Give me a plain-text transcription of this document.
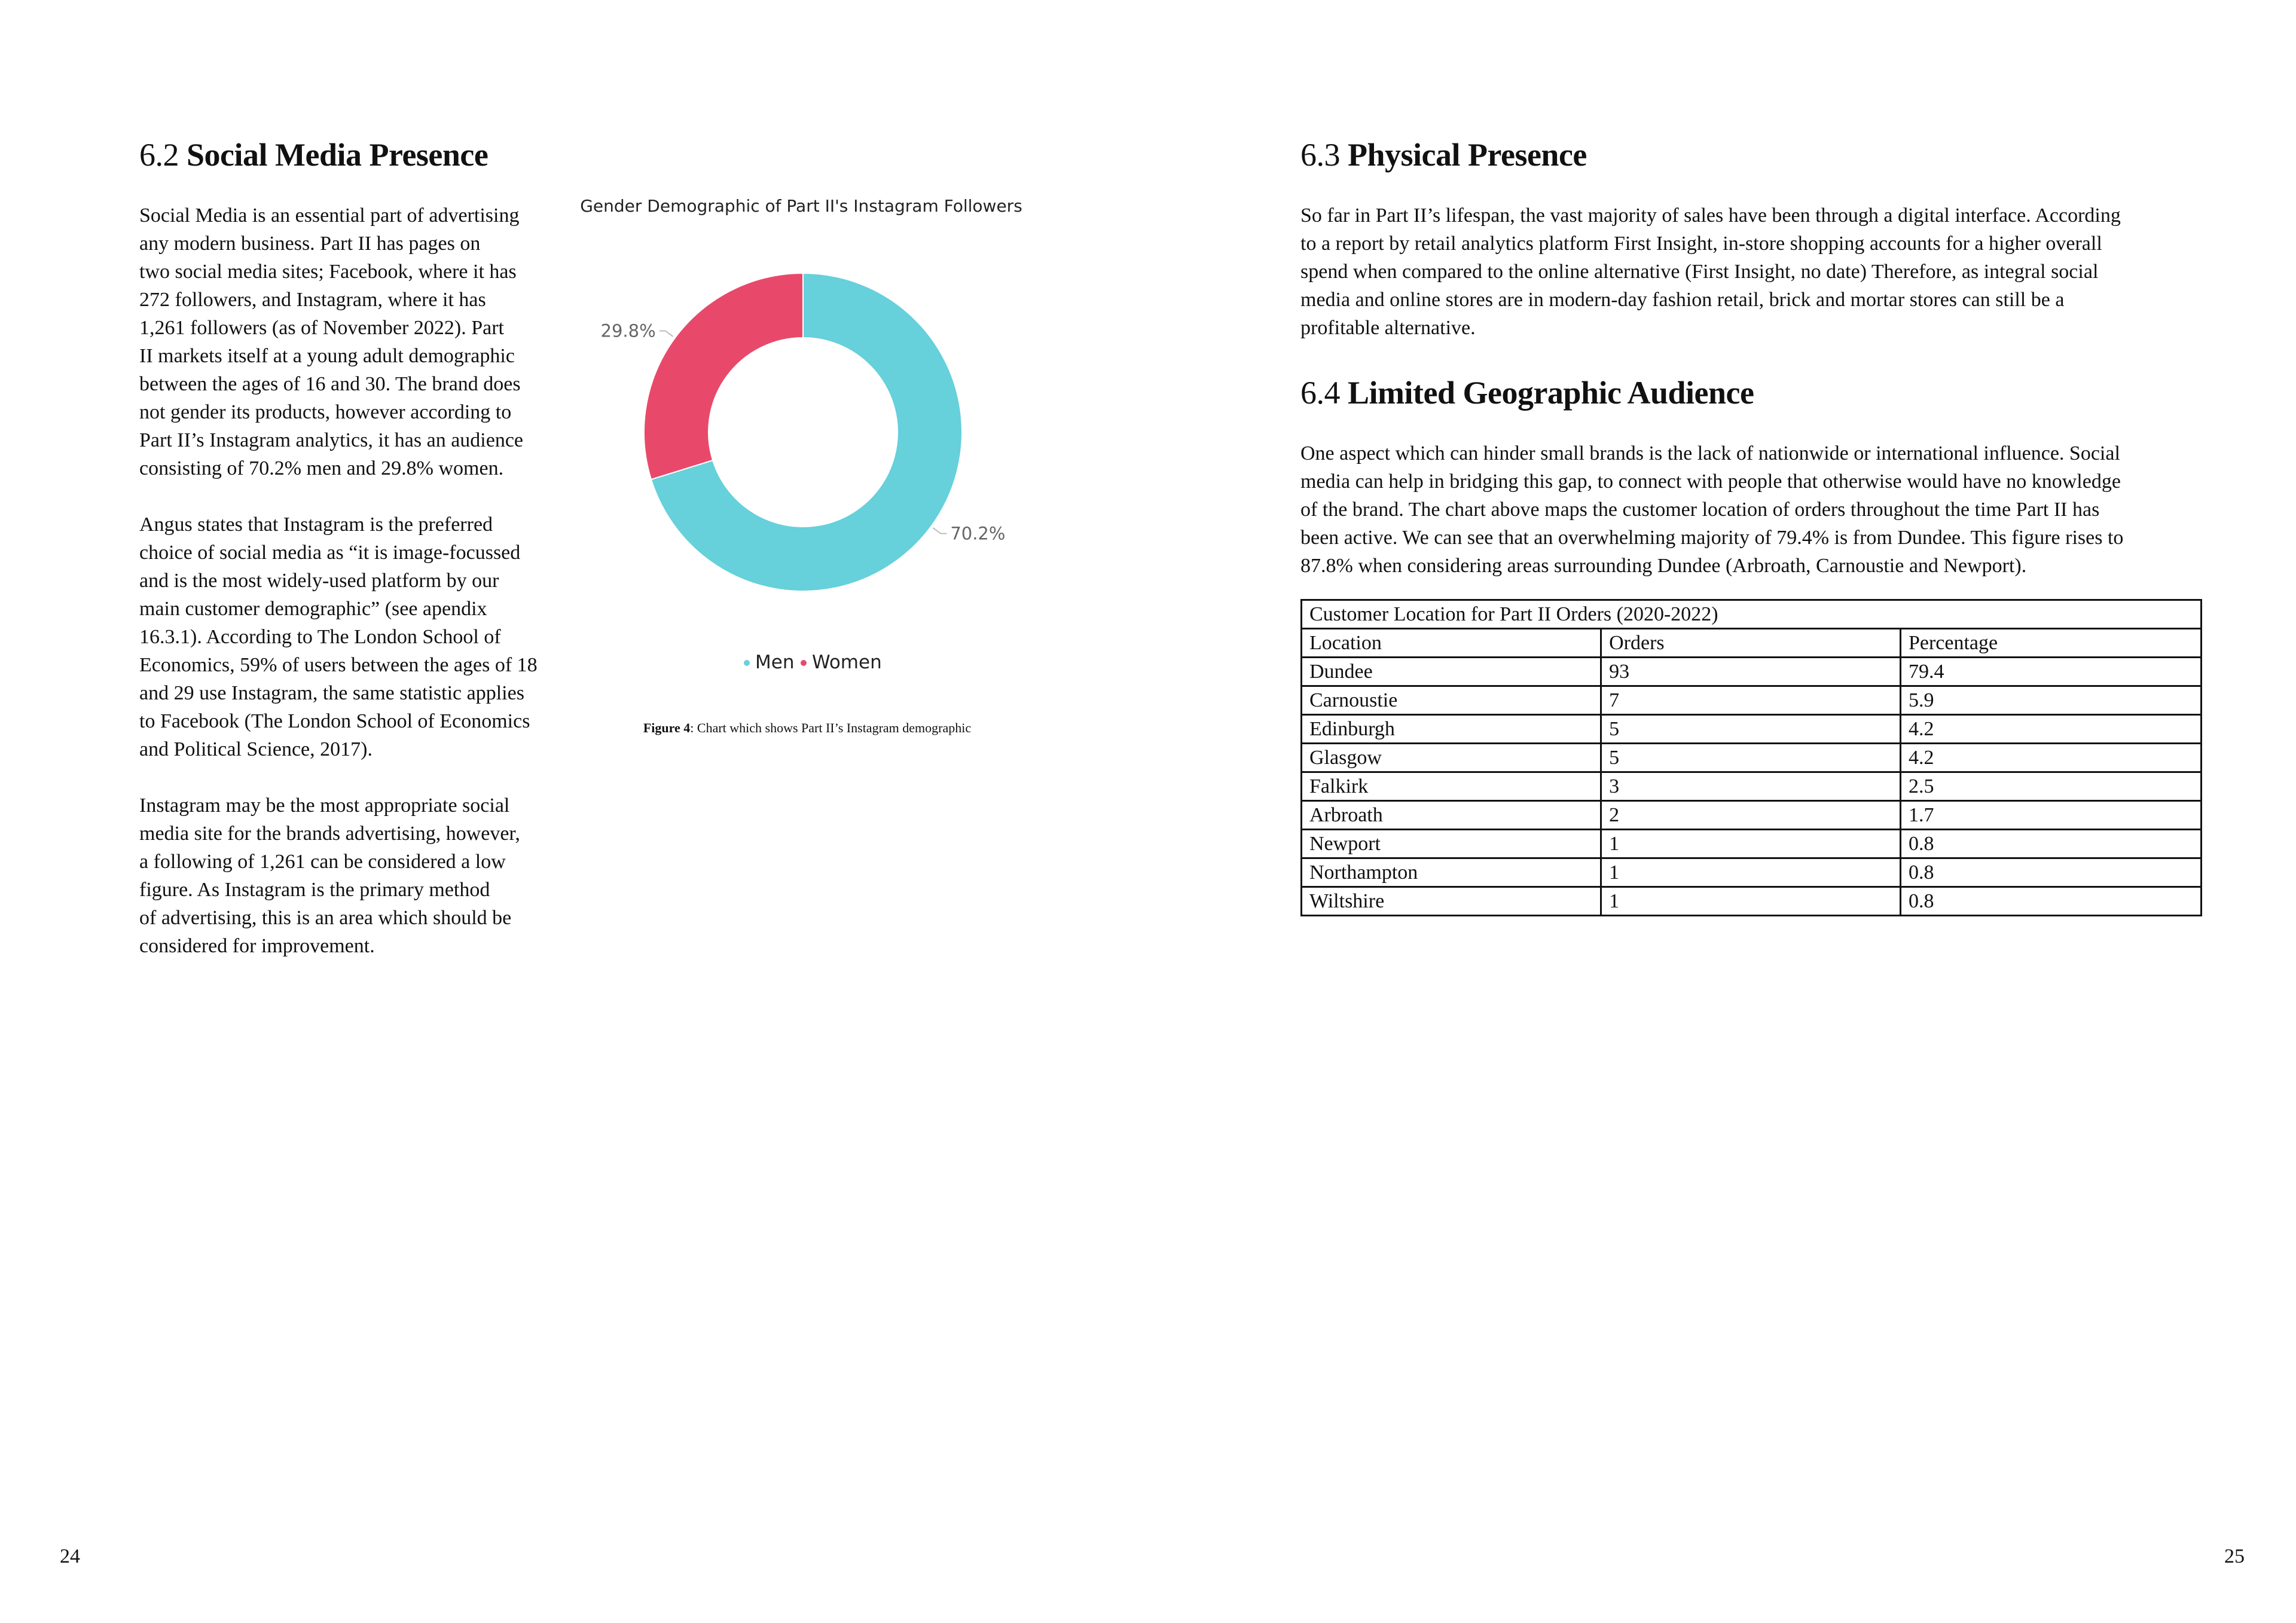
6.2 Social Media Presence

Social Media is an essential part of advertising
any modern business. Part II has pages on
two social media sites; Facebook, where it has
272 followers, and Instagram, where it has
1,261 followers (as of November 2022). Part
II markets itself at a young adult demographic
between the ages of 16 and 30. The brand does
not gender its products, however according to
Part II’s Instagram analytics, it has an audience
consisting of 70.2% men and 29.8% women.

Angus states that Instagram is the preferred
choice of social media as “it is image-focussed
and is the most widely-used platform by our
main customer demographic” (see apendix
16.3.1). According to The London School of
Economics, 59% of users between the ages of 18
and 29 use Instagram, the same statistic applies
to Facebook (The London School of Economics
and Political Science, 2017).

Instagram may be the most appropriate social
media site for the brands advertising, however,
a following of 1,261 can be considered a low
figure. As Instagram is the primary method
of advertising, this is an area which should be
considered for improvement.

Gender Demographic of Part II's Instagram Followers
70.2%
29.8%
Men Women
Figure 4: Chart which shows Part II’s Instagram demographic
24
6.3 Physical Presence

So far in Part II’s lifespan, the vast majority of sales have been through a digital interface. According
to a report by retail analytics platform First Insight, in-store shopping accounts for a higher overall
spend when compared to the online alternative (First Insight, no date) Therefore, as integral social
media and online stores are in modern-day fashion retail, brick and mortar stores can still be a
profitable alternative.

6.4 Limited Geographic Audience

One aspect which can hinder small brands is the lack of nationwide or international influence. Social
media can help in bridging this gap, to connect with people that otherwise would have no knowledge
of the brand. The chart above maps the customer location of orders throughout the time Part II has
been active. We can see that an overwhelming majority of 79.4% is from Dundee. This figure rises to
87.8% when considering areas surrounding Dundee (Arbroath, Carnoustie and Newport).

25
Customer Location for Part II Orders (2020-2022)		
Location	Orders	Percentage
Dundee	93	79.4
Carnoustie	7	5.9
Edinburgh	5	4.2
Glasgow	5	4.2
Falkirk	3	2.5
Arbroath	2	1.7
Newport	1	0.8
Northampton	1	0.8
Wiltshire	1	0.8
